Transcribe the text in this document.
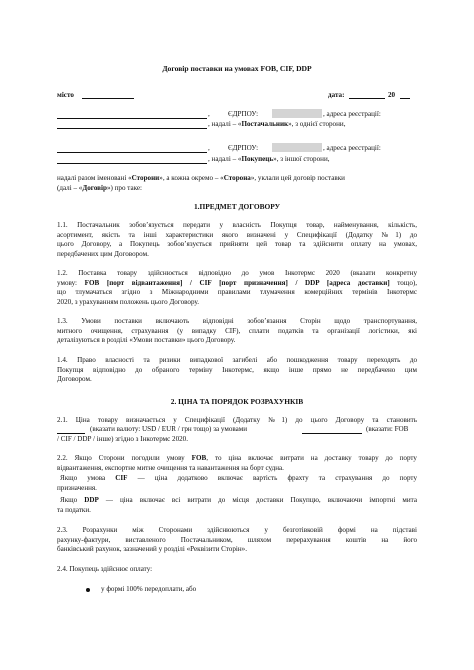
Договір поставки на умовах FOB, CIF, DDP
місто	дата:	20
,	ЄДРПОУ:	, адреса реєстрації:
, надалі – «Постачальник», з однієї сторони,
,	ЄДРПОУ:	, адреса реєстрації:
, надалі – «Покупець», з іншої сторони,
надалі разом іменовані «Сторони», а кожна окремо – «Сторона», уклали цей договір поставки
(далі – «Договір») про таке:
1.ПРЕДМЕТ ДОГОВОРУ
1.1. Постачальник зобов’язується передати у власність Покупця товар, найменування, кількість,
асортимент, якість та інші характеристики якого визначені у Специфікації (Додатку №1) до
цього Договору, а Покупець зобов’язується прийняти цей товар та здійснити оплату на умовах,
передбачених цим Договором.
1.2. Поставка товару здійснюється відповідно до умов Інкотермс 2020 (вказати конкретну
умову: FOB [порт відвантаження] / CIF [порт призначення] / DDP [адреса доставки] тощо),
що тлумачаться згідно з Міжнародними правилами тлумачення комерційних термінів Інкотермс
2020, з урахуванням положень цього Договору.
1.3. Умови поставки включають відповідні зобов’язання Сторін щодо транспортування,
митного очищення, страхування (у випадку CIF), сплати податків та організації логістики, які
деталізуються в розділі «Умови поставки» цього Договору.
1.4. Право власності та ризики випадкової загибелі або пошкодження товару переходять до
Покупця відповідно до обраного терміну Інкотермс, якщо інше прямо не передбачено цим
Договором.
2. ЦІНА ТА ПОРЯДОК РОЗРАХУНКІВ
2.1. Ціна товару визначається у Специфікації (Додатку №1) до цього Договору та становить
(вказати валюту: USD / EUR / грн тощо) за умовами	(вказати: FOB
/ CIF / DDP / інше) згідно з Інкотермс 2020.
2.2. Якщо Сторони погодили умову FOB, то ціна включає витрати на доставку товару до порту
відвантаження, експортне митне очищення та навантаження на борт судна.
Якщо умова CIF — ціна додатково включає вартість фрахту та страхування до порту
призначення.
Якщо DDP — ціна включає всі витрати до місця доставки Покупцю, включаючи імпортні мита
та податки.
2.3. Розрахунки між Сторонами здійснюються у безготівковій формі на підставі
рахунку-фактури, виставленого Постачальником, шляхом перерахування коштів на його
банківський рахунок, зазначений у розділі «Реквізити Сторін».
2.4. Покупець здійснює оплату:
у формі 100% передоплати, або
